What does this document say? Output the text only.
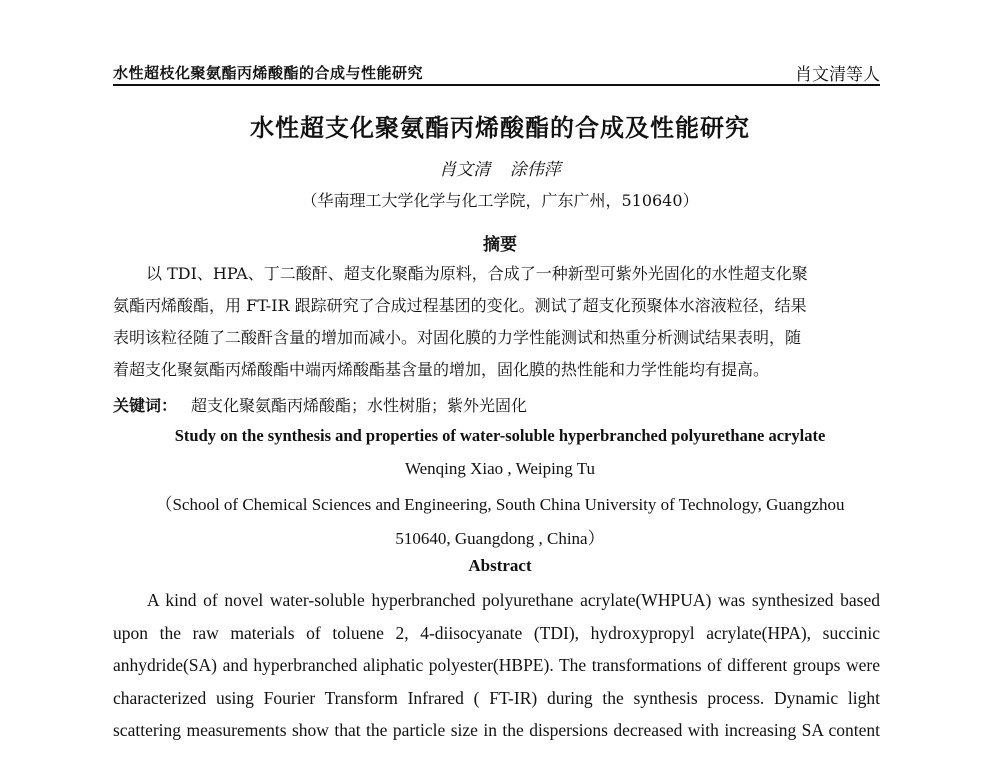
水性超枝化聚氨酯丙烯酸酯的合成与性能研究	肖文清等人
水性超支化聚氨酯丙烯酸酯的合成及性能研究
肖文清 涂伟萍
（华南理工大学化学与化工学院，广东广州，510640）
摘要
以 TDI、HPA、丁二酸酐、超支化聚酯为原料，合成了一种新型可紫外光固化的水性超支化聚
氨酯丙烯酸酯，用 FT-IR 跟踪研究了合成过程基团的变化。测试了超支化预聚体水溶液粒径，结果
表明该粒径随了二酸酐含量的增加而减小。对固化膜的力学性能测试和热重分析测试结果表明，随
着超支化聚氨酯丙烯酸酯中端丙烯酸酯基含量的增加，固化膜的热性能和力学性能均有提高。
关键词： 超支化聚氨酯丙烯酸酯；水性树脂；紫外光固化
Study on the synthesis and properties of water-soluble hyperbranched polyurethane acrylate
Wenqing Xiao , Weiping Tu
（School of Chemical Sciences and Engineering, South China University of Technology, Guangzhou
510640, Guangdong , China）
Abstract
A kind of novel water-soluble hyperbranched polyurethane acrylate(WHPUA) was synthesized based
upon the raw materials of toluene 2, 4-diisocyanate (TDI), hydroxypropyl acrylate(HPA), succinic
anhydride(SA) and hyperbranched aliphatic polyester(HBPE). The transformations of different groups were
characterized using Fourier Transform Infrared ( FT-IR) during the synthesis process. Dynamic light
scattering measurements show that the particle size in the dispersions decreased with increasing SA content
